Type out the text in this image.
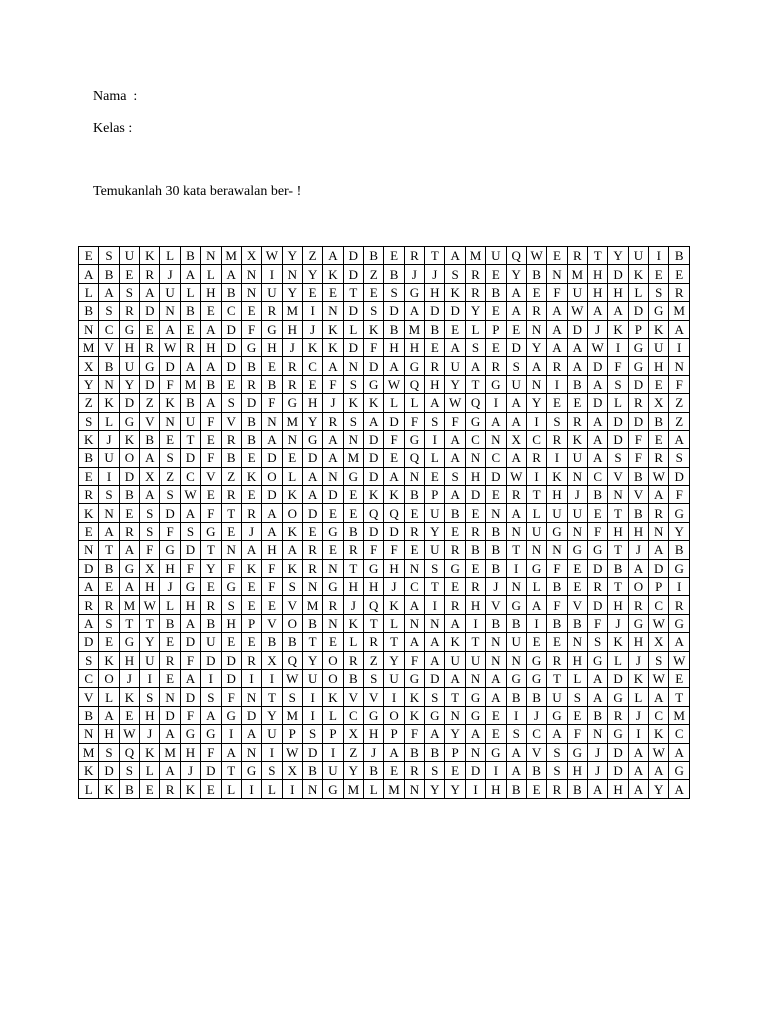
Nama  :
Kelas :
Temukanlah 30 kata berawalan ber- !
E	S	U	K	L	B	N	M	X	W	Y	Z	A	D	B	E	R	T	A	M	U	Q	W	E	R	T	Y	U	I	B
A	B	E	R	J	A	L	A	N	I	N	Y	K	D	Z	B	J	J	S	R	E	Y	B	N	M	H	D	K	E	E
L	A	S	A	U	L	H	B	N	U	Y	E	E	T	E	S	G	H	K	R	B	A	E	F	U	H	H	L	S	R
B	S	R	D	N	B	E	C	E	R	M	I	N	D	S	D	A	D	D	Y	E	A	R	A	W	A	A	D	G	M
N	C	G	E	A	E	A	D	F	G	H	J	K	L	K	B	M	B	E	L	P	E	N	A	D	J	K	P	K	A
M	V	H	R	W	R	H	D	G	H	J	K	K	D	F	H	H	E	A	S	E	D	Y	A	A	W	I	G	U	I
X	B	U	G	D	A	A	D	B	E	R	C	A	N	D	A	G	R	U	A	R	S	A	R	A	D	F	G	H	N
Y	N	Y	D	F	M	B	E	R	B	R	E	F	S	G	W	Q	H	Y	T	G	U	N	I	B	A	S	D	E	F
Z	K	D	Z	K	B	A	S	D	F	G	H	J	K	K	L	L	A	W	Q	I	A	Y	E	E	D	L	R	X	Z
S	L	G	V	N	U	F	V	B	N	M	Y	R	S	A	D	F	S	F	G	A	A	I	S	R	A	D	D	B	Z
K	J	K	B	E	T	E	R	B	A	N	G	A	N	D	F	G	I	A	C	N	X	C	R	K	A	D	F	E	A
B	U	O	A	S	D	F	B	E	D	E	D	A	M	D	E	Q	L	A	N	C	A	R	I	U	A	S	F	R	S
E	I	D	X	Z	C	V	Z	K	O	L	A	N	G	D	A	N	E	S	H	D	W	I	K	N	C	V	B	W	D
R	S	B	A	S	W	E	R	E	D	K	A	D	E	K	K	B	P	A	D	E	R	T	H	J	B	N	V	A	F
K	N	E	S	D	A	F	T	R	A	O	D	E	E	Q	Q	E	U	B	E	N	A	L	U	U	E	T	B	R	G
E	A	R	S	F	S	G	E	J	A	K	E	G	B	D	D	R	Y	E	R	B	N	U	G	N	F	H	H	N	Y
N	T	A	F	G	D	T	N	A	H	A	R	E	R	F	F	E	U	R	B	B	T	N	N	G	G	T	J	A	B
D	B	G	X	H	F	Y	F	K	F	K	R	N	T	G	H	N	S	G	E	B	I	G	F	E	D	B	A	D	G
A	E	A	H	J	G	E	G	E	F	S	N	G	H	H	J	C	T	E	R	J	N	L	B	E	R	T	O	P	I
R	R	M	W	L	H	R	S	E	E	V	M	R	J	Q	K	A	I	R	H	V	G	A	F	V	D	H	R	C	R
A	S	T	T	B	A	B	H	P	V	O	B	N	K	T	L	N	N	A	I	B	B	I	B	B	F	J	G	W	G
D	E	G	Y	E	D	U	E	E	B	B	T	E	L	R	T	A	A	K	T	N	U	E	E	N	S	K	H	X	A
S	K	H	U	R	F	D	D	R	X	Q	Y	O	R	Z	Y	F	A	U	U	N	N	G	R	H	G	L	J	S	W
C	O	J	I	E	A	I	D	I	I	W	U	O	B	S	U	G	D	A	N	A	G	G	T	L	A	D	K	W	E
V	L	K	S	N	D	S	F	N	T	S	I	K	V	V	I	K	S	T	G	A	B	B	U	S	A	G	L	A	T
B	A	E	H	D	F	A	G	D	Y	M	I	L	C	G	O	K	G	N	G	E	I	J	G	E	B	R	J	C	M
N	H	W	J	A	G	G	I	A	U	P	S	P	X	H	P	F	A	Y	A	E	S	C	A	F	N	G	I	K	C
M	S	Q	K	M	H	F	A	N	I	W	D	I	Z	J	A	B	B	P	N	G	A	V	S	G	J	D	A	W	A
K	D	S	L	A	J	D	T	G	S	X	B	U	Y	B	E	R	S	E	D	I	A	B	S	H	J	D	A	A	G
L	K	B	E	R	K	E	L	I	L	I	N	G	M	L	M	N	Y	Y	I	H	B	E	R	B	A	H	A	Y	A
